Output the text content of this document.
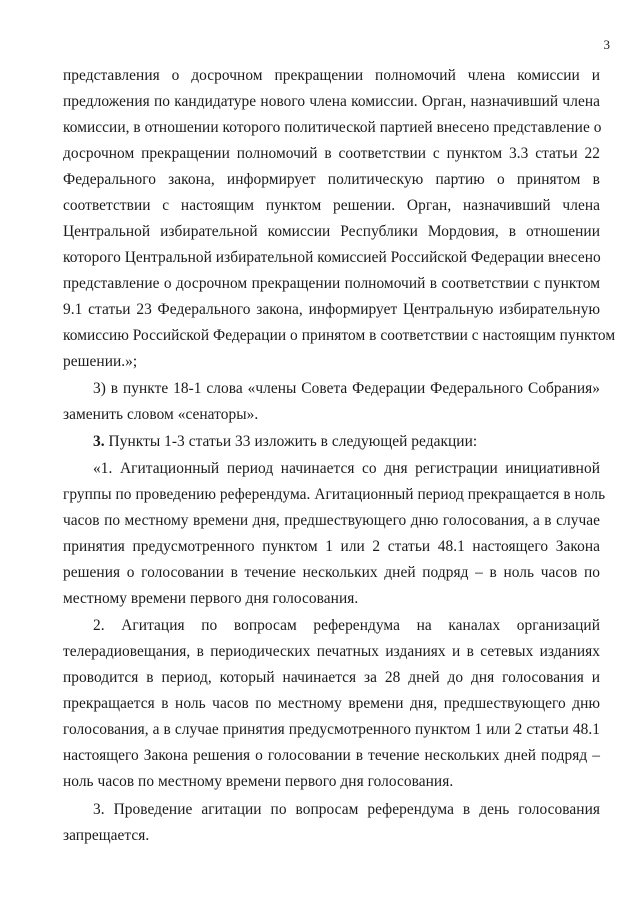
3
представления о досрочном прекращении полномочий члена комиссии и
предложения по кандидатуре нового члена комиссии. Орган, назначивший члена
комиссии, в отношении которого политической партией внесено представление о
досрочном прекращении полномочий в соответствии с пунктом 3.3 статьи 22
Федерального закона, информирует политическую партию о принятом в
соответствии с настоящим пунктом решении. Орган, назначивший члена
Центральной избирательной комиссии Республики Мордовия, в отношении
которого Центральной избирательной комиссией Российской Федерации внесено
представление о досрочном прекращении полномочий в соответствии с пунктом
9.1 статьи 23 Федерального закона, информирует Центральную избирательную
комиссию Российской Федерации о принятом в соответствии с настоящим пунктом
решении.»;
3) в пункте 18-1 слова «члены Совета Федерации Федерального Собрания»
заменить словом «сенаторы».
3. Пункты 1-3 статьи 33 изложить в следующей редакции:
«1. Агитационный период начинается со дня регистрации инициативной
группы по проведению референдума. Агитационный период прекращается в ноль
часов по местному времени дня, предшествующего дню голосования, а в случае
принятия предусмотренного пунктом 1 или 2 статьи 48.1 настоящего Закона
решения о голосовании в течение нескольких дней подряд – в ноль часов по
местному времени первого дня голосования.
2. Агитация по вопросам референдума на каналах организаций
телерадиовещания, в периодических печатных изданиях и в сетевых изданиях
проводится в период, который начинается за 28 дней до дня голосования и
прекращается в ноль часов по местному времени дня, предшествующего дню
голосования, а в случае принятия предусмотренного пунктом 1 или 2 статьи 48.1
настоящего Закона решения о голосовании в течение нескольких дней подряд –
ноль часов по местному времени первого дня голосования.
3. Проведение агитации по вопросам референдума в день голосования
запрещается.
